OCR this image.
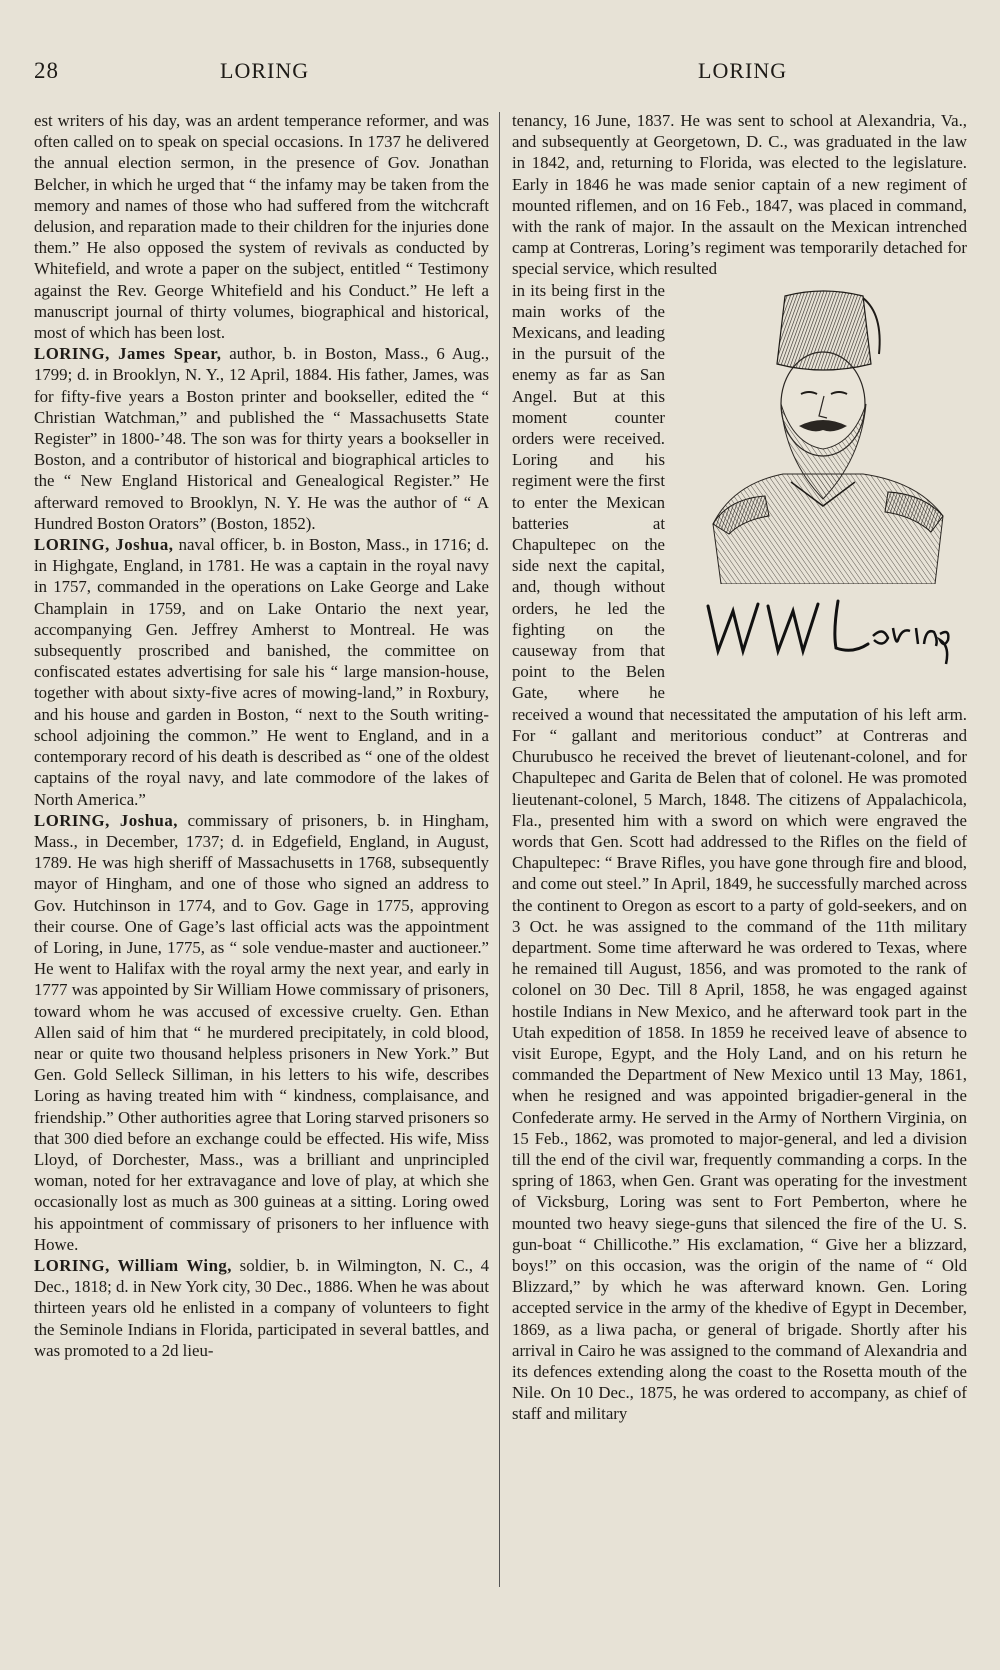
28	LORING	LORING

est writers of his day, was an ardent temperance reformer, and was often called on to speak on special occasions. In 1737 he delivered the annual election sermon, in the presence of Gov. Jonathan Belcher, in which he urged that “ the infamy may be taken from the memory and names of those who had suffered from the witchcraft delusion, and reparation made to their children for the injuries done them.” He also opposed the system of revivals as conducted by Whitefield, and wrote a paper on the subject, entitled “ Testimony against the Rev. George Whitefield and his Conduct.” He left a manuscript journal of thirty volumes, biographical and historical, most of which has been lost.

LORING, James Spear, author, b. in Boston, Mass., 6 Aug., 1799; d. in Brooklyn, N. Y., 12 April, 1884. His father, James, was for fifty-five years a Boston printer and bookseller, edited the “ Christian Watchman,” and published the “ Massachusetts State Register” in 1800-’48. The son was for thirty years a bookseller in Boston, and a contributor of historical and biographical articles to the “ New England Historical and Genealogical Register.” He afterward removed to Brooklyn, N. Y. He was the author of “ A Hundred Boston Orators” (Boston, 1852).

LORING, Joshua, naval officer, b. in Boston, Mass., in 1716; d. in Highgate, England, in 1781. He was a captain in the royal navy in 1757, commanded in the operations on Lake George and Lake Champlain in 1759, and on Lake Ontario the next year, accompanying Gen. Jeffrey Amherst to Montreal. He was subsequently proscribed and banished, the committee on confiscated estates advertising for sale his “ large mansion-house, together with about sixty-five acres of mowing-land,” in Roxbury, and his house and garden in Boston, “ next to the South writing-school adjoining the common.” He went to England, and in a contemporary record of his death is described as “ one of the oldest captains of the royal navy, and late commodore of the lakes of North America.”

LORING, Joshua, commissary of prisoners, b. in Hingham, Mass., in December, 1737; d. in Edgefield, England, in August, 1789. He was high sheriff of Massachusetts in 1768, subsequently mayor of Hingham, and one of those who signed an address to Gov. Hutchinson in 1774, and to Gov. Gage in 1775, approving their course. One of Gage’s last official acts was the appointment of Loring, in June, 1775, as “ sole vendue-master and auctioneer.” He went to Halifax with the royal army the next year, and early in 1777 was appointed by Sir William Howe commissary of prisoners, toward whom he was accused of excessive cruelty. Gen. Ethan Allen said of him that “ he murdered precipitately, in cold blood, near or quite two thousand helpless prisoners in New York.” But Gen. Gold Selleck Silliman, in his letters to his wife, describes Loring as having treated him with “ kindness, complaisance, and friendship.” Other authorities agree that Loring starved prisoners so that 300 died before an exchange could be effected. His wife, Miss Lloyd, of Dorchester, Mass., was a brilliant and unprincipled woman, noted for her extravagance and love of play, at which she occasionally lost as much as 300 guineas at a sitting. Loring owed his appointment of commissary of prisoners to her influence with Howe.

LORING, William Wing, soldier, b. in Wilmington, N. C., 4 Dec., 1818; d. in New York city, 30 Dec., 1886. When he was about thirteen years old he enlisted in a company of volunteers to fight the Seminole Indians in Florida, participated in several battles, and was promoted to a 2d lieu-

tenancy, 16 June, 1837. He was sent to school at Alexandria, Va., and subsequently at Georgetown, D. C., was graduated in the law in 1842, and, returning to Florida, was elected to the legislature. Early in 1846 he was made senior captain of a new regiment of mounted riflemen, and on 16 Feb., 1847, was placed in command, with the rank of major. In the assault on the Mexican intrenched camp at Contreras, Loring’s regiment was temporarily detached for special service, which resulted

in its being first in the main works of the Mexicans, and leading in the pursuit of the enemy as far as San Angel. But at this moment counter orders were received. Loring and his regiment were the first to enter the Mexican batteries at Chapultepec on the side next the capital, and, though without orders, he led the fighting on the causeway from that point to the Belen Gate, where he received a wound that necessitated the amputation of his left arm. For “ gallant and meritorious conduct” at Contreras and Churubusco he received the brevet of lieutenant-colonel, and for Chapultepec and Garita de Belen that of colonel. He was promoted lieutenant-colonel, 5 March, 1848. The citizens of Appalachicola, Fla., presented him with a sword on which were engraved the words that Gen. Scott had addressed to the Rifles on the field of Chapultepec: “ Brave Rifles, you have gone through fire and blood, and come out steel.” In April, 1849, he successfully marched across the continent to Oregon as escort to a party of gold-seekers, and on 3 Oct. he was assigned to the command of the 11th military department. Some time afterward he was ordered to Texas, where he remained till August, 1856, and was promoted to the rank of colonel on 30 Dec. Till 8 April, 1858, he was engaged against hostile Indians in New Mexico, and he afterward took part in the Utah expedition of 1858. In 1859 he received leave of absence to visit Europe, Egypt, and the Holy Land, and on his return he commanded the Department of New Mexico until 13 May, 1861, when he resigned and was appointed brigadier-general in the Confederate army. He served in the Army of Northern Virginia, on 15 Feb., 1862, was promoted to major-general, and led a division till the end of the civil war, frequently commanding a corps. In the spring of 1863, when Gen. Grant was operating for the investment of Vicksburg, Loring was sent to Fort Pemberton, where he mounted two heavy siege-guns that silenced the fire of the U. S. gun-boat “ Chillicothe.” His exclamation, “ Give her a blizzard, boys!” on this occasion, was the origin of the name of “ Old Blizzard,” by which he was afterward known. Gen. Loring accepted service in the army of the khedive of Egypt in December, 1869, as a liwa pacha, or general of brigade. Shortly after his arrival in Cairo he was assigned to the command of Alexandria and its defences extending along the coast to the Rosetta mouth of the Nile. On 10 Dec., 1875, he was ordered to accompany, as chief of staff and military
